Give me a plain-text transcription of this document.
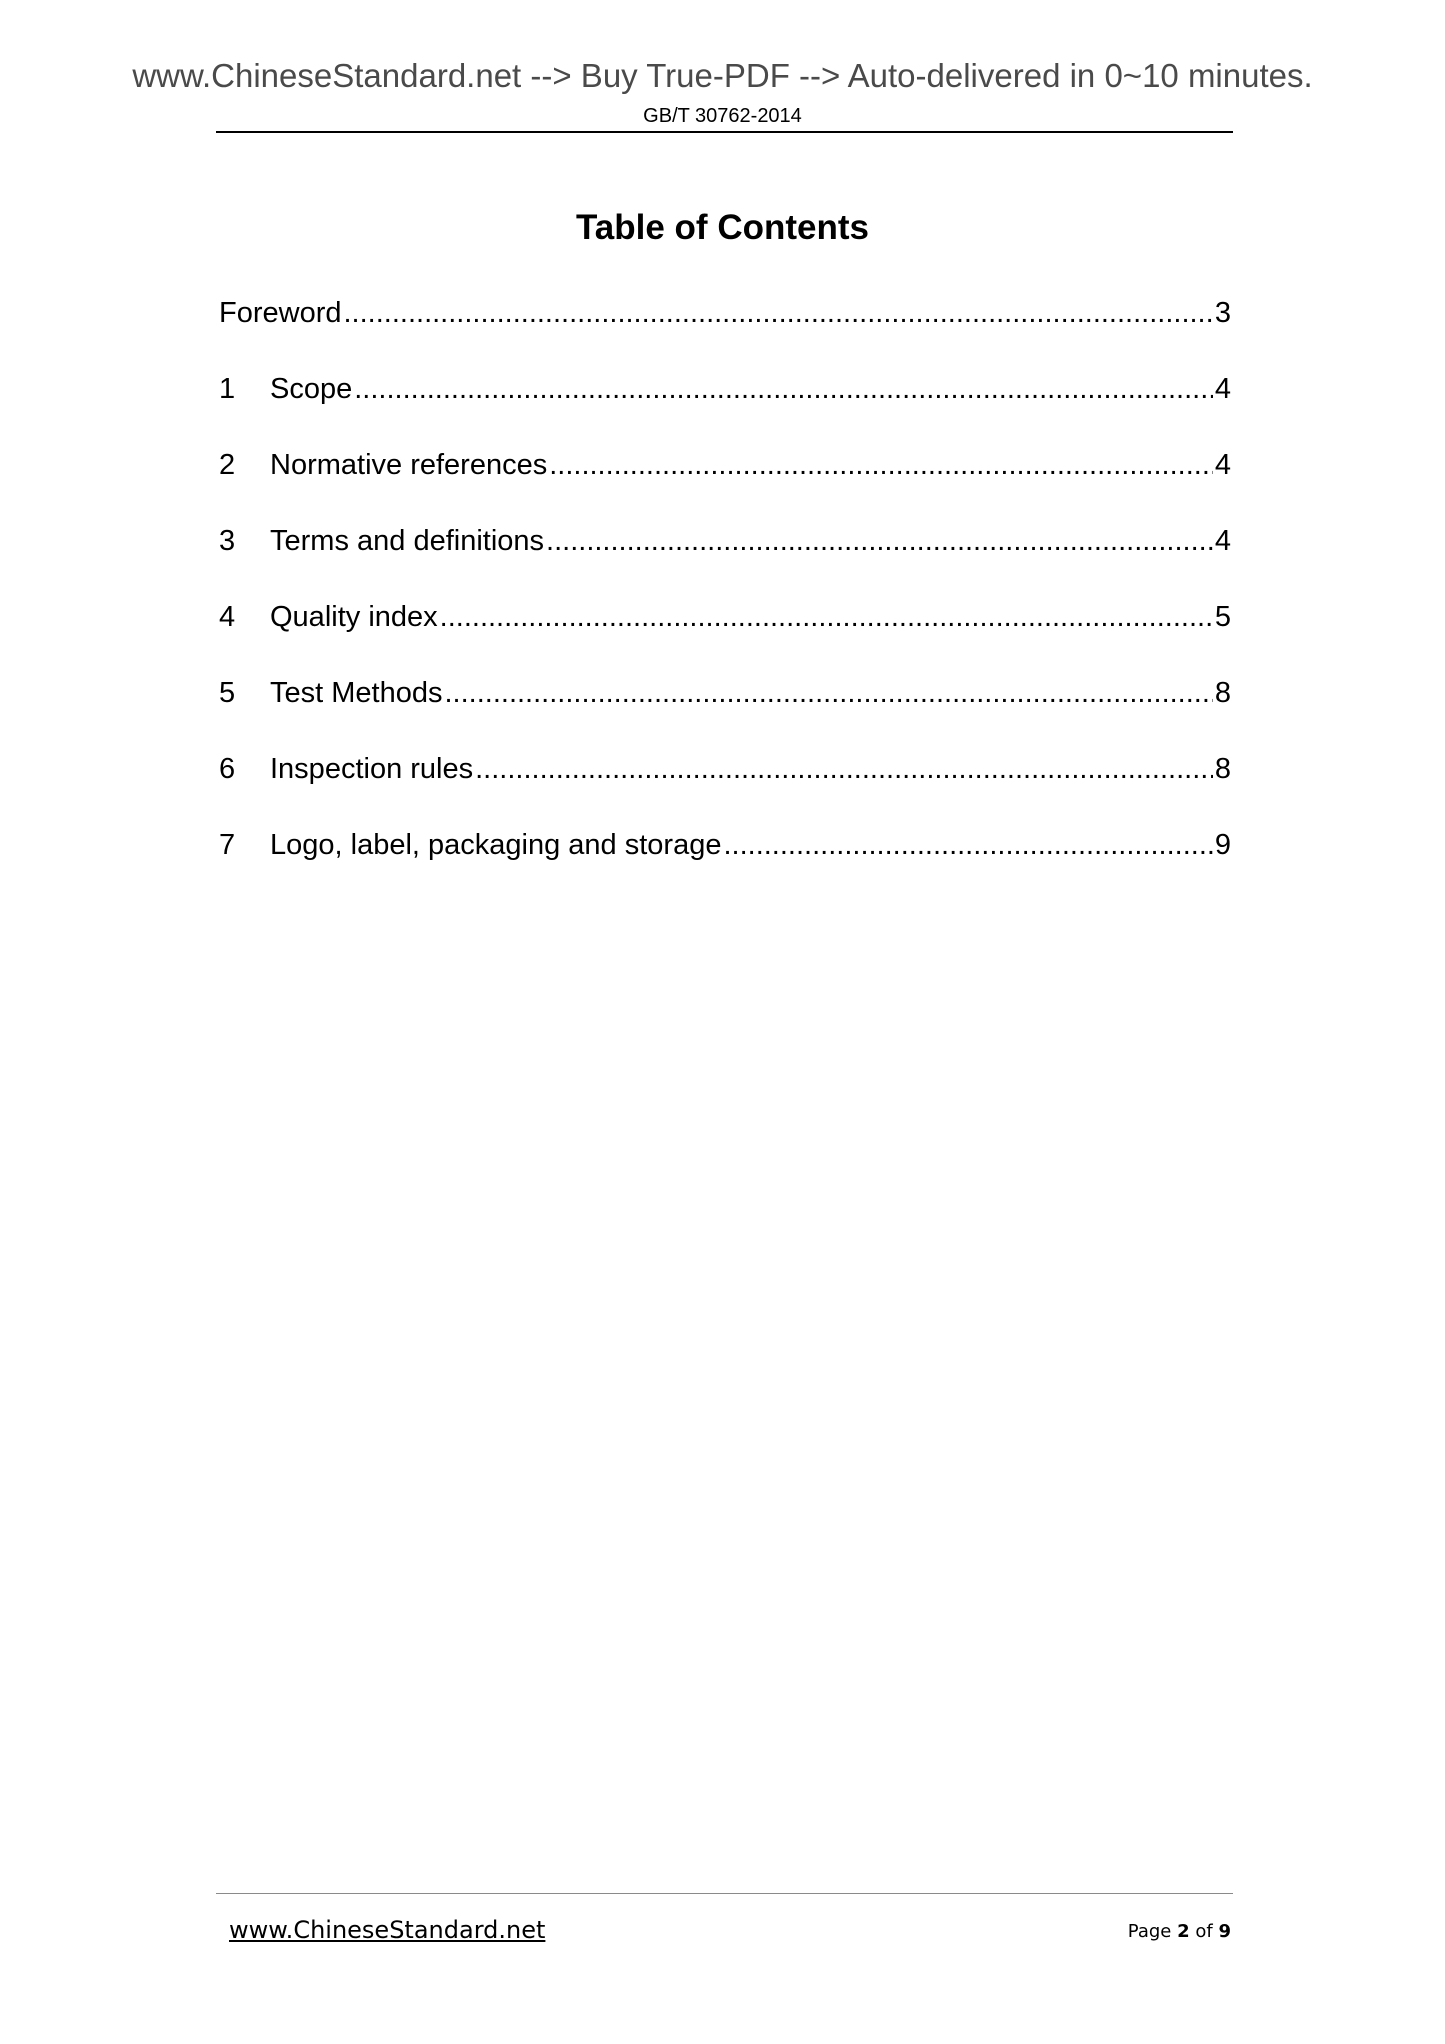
www.ChineseStandard.net --> Buy True-PDF --> Auto-delivered in 0~10 minutes.
GB/T 30762-2014
Table of Contents
Foreword .....	3
1	Scope .....	4
2	Normative references .....	4
3	Terms and definitions .....	4
4	Quality index .....	5
5	Test Methods .....	8
6	Inspection rules .....	8
7	Logo, label, packaging and storage .....	9
www.ChineseStandard.net	Page 2 of 9
